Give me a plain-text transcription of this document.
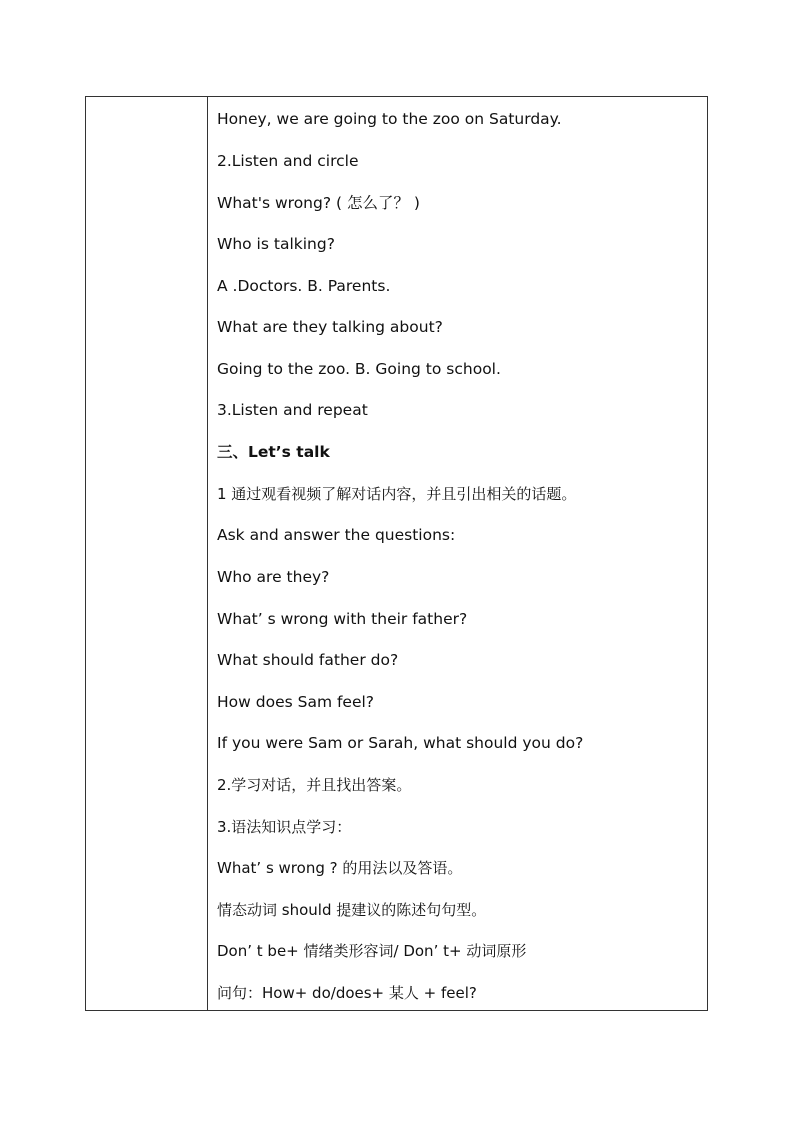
Honey, we are going to the zoo on Saturday.
2.Listen and circle
What's wrong? ( 怎么了？ )
Who is talking?
A .Doctors. B. Parents.
What are they talking about?
Going to the zoo. B. Going to school.
3.Listen and repeat
三、Let’s talk
1 通过观看视频了解对话内容，并且引出相关的话题。
Ask and answer the questions:
Who are they?
What’ s wrong with their father?
What should father do?
How does Sam feel?
If you were Sam or Sarah, what should you do?
2.学习对话，并且找出答案。
3.语法知识点学习：
What’ s wrong ? 的用法以及答语。
情态动词 should 提建议的陈述句句型。
Don’ t be+ 情绪类形容词/ Don’ t+ 动词原形
问句：How+ do/does+ 某人 + feel?
